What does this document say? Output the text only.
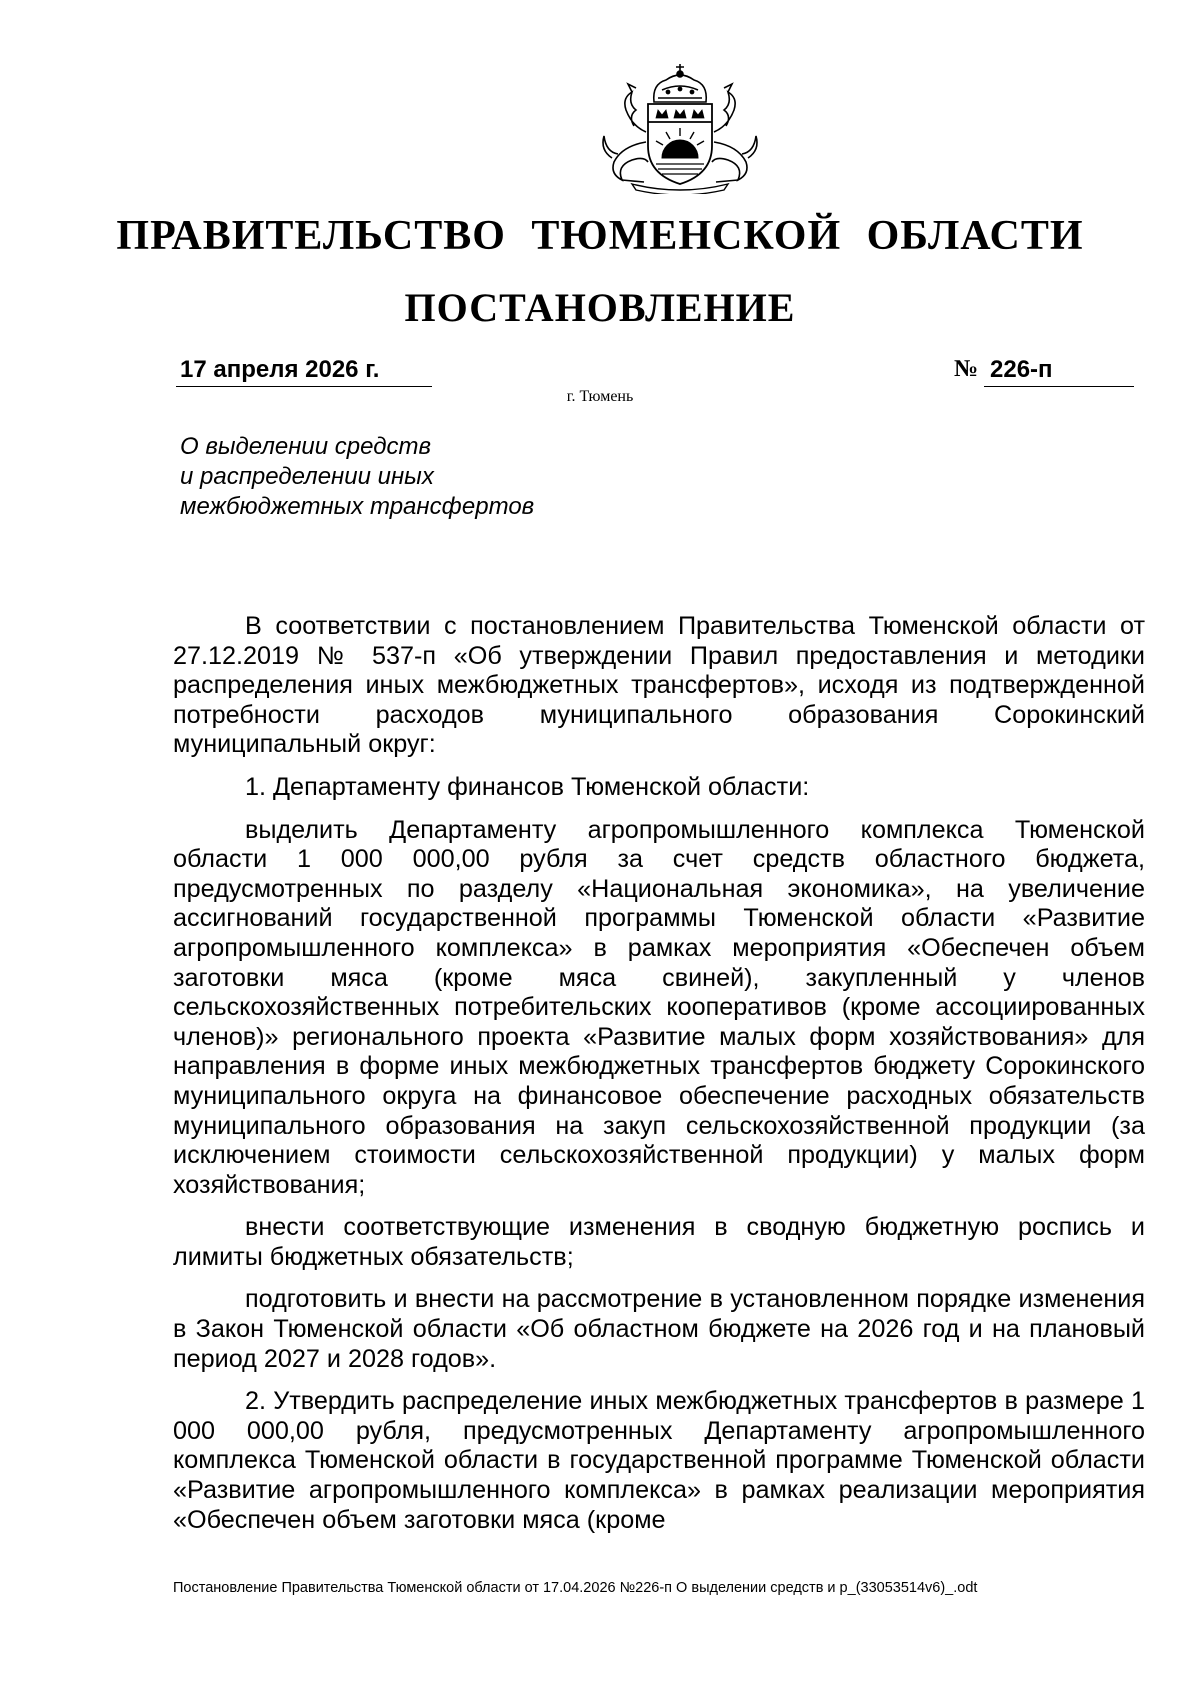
ПРАВИТЕЛЬСТВО ТЮМЕНСКОЙ ОБЛАСТИ
ПОСТАНОВЛЕНИЕ
17 апреля 2026 г.	№ 226-п
г. Тюмень
О выделении средств
и распределении иных
межбюджетных трансфертов

В соответствии с постановлением Правительства Тюменской области от 27.12.2019 № 537-п «Об утверждении Правил предоставления и методики распределения иных межбюджетных трансфертов», исходя из подтвержденной потребности расходов муниципального образования Сорокинский муниципальный округ:

1. Департаменту финансов Тюменской области:

выделить Департаменту агропромышленного комплекса Тюменской области 1 000 000,00 рубля за счет средств областного бюджета, предусмотренных по разделу «Национальная экономика», на увеличение ассигнований государственной программы Тюменской области «Развитие агропромышленного комплекса» в рамках мероприятия «Обеспечен объем заготовки мяса (кроме мяса свиней), закупленный у членов сельскохозяйственных потребительских кооперативов (кроме ассоциированных членов)» регионального проекта «Развитие малых форм хозяйствования» для направления в форме иных межбюджетных трансфертов бюджету Сорокинского муниципального округа на финансовое обеспечение расходных обязательств муниципального образования на закуп сельскохозяйственной продукции (за исключением стоимости сельскохозяйственной продукции) у малых форм хозяйствования;

внести соответствующие изменения в сводную бюджетную роспись и лимиты бюджетных обязательств;

подготовить и внести на рассмотрение в установленном порядке изменения в Закон Тюменской области «Об областном бюджете на 2026 год и на плановый период 2027 и 2028 годов».

2. Утвердить распределение иных межбюджетных трансфертов в размере 1 000 000,00 рубля, предусмотренных Департаменту агропромышленного комплекса Тюменской области в государственной программе Тюменской области «Развитие агропромышленного комплекса» в рамках реализации мероприятия «Обеспечен объем заготовки мяса (кроме

Постановление Правительства Тюменской области от 17.04.2026 №226-п О выделении средств и р_(33053514v6)_.odt
